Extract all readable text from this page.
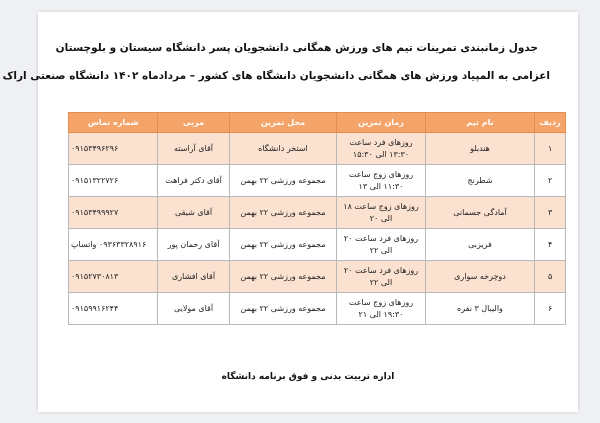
جدول زمانبندی تمرینات تیم های ورزش همگانی دانشجویان پسر دانشگاه سیستان و بلوچستان
اعزامی به المپیاد ورزش های همگانی دانشجویان دانشگاه های کشور – مردادماه ۱۴۰۲ دانشگاه صنعتی اراک
ردیف	نام تیم	زمان تمرین	محل تمرین	مربی	شماره تماس
۱	هندبلو	روزهای فرد ساعت ۱۳:۳۰ الی ۱۵:۳۰	استخر دانشگاه	آقای آراسته	۰۹۱۵۳۴۹۶۲۹۶
۲	شطرنج	روزهای زوج ساعت ۱۱:۳۰ الی ۱۳	مجموعه ورزشی ۲۲ بهمن	آقای دکتر فراهت	۰۹۱۵۱۳۲۲۷۲۶
۳	آمادگی جسمانی	روزهای زوج ساعت ۱۸ الی ۲۰	مجموعه ورزشی ۲۲ بهمن	آقای شیقی	۰۹۱۵۳۴۹۹۹۲۷
۴	فریزبی	روزهای فرد ساعت ۲۰ الی ۲۲	مجموعه ورزشی ۲۲ بهمن	آقای رحمان پور	۰۹۳۶۳۳۲۸۹۱۶ واتساپ
۵	دوچرخه سواری	روزهای فرد ساعت ۲۰ الی ۲۲	مجموعه ورزشی ۲۲ بهمن	آقای افشاری	۰۹۱۵۲۷۳۰۸۱۳
۶	والیبال ۳ نفره	روزهای زوج ساعت ۱۹:۳۰ الی ۲۱	مجموعه ورزشی ۲۲ بهمن	آقای مولایی	۰۹۱۵۹۹۱۶۲۴۴
اداره تربیت بدنی و فوق برنامه دانشگاه
